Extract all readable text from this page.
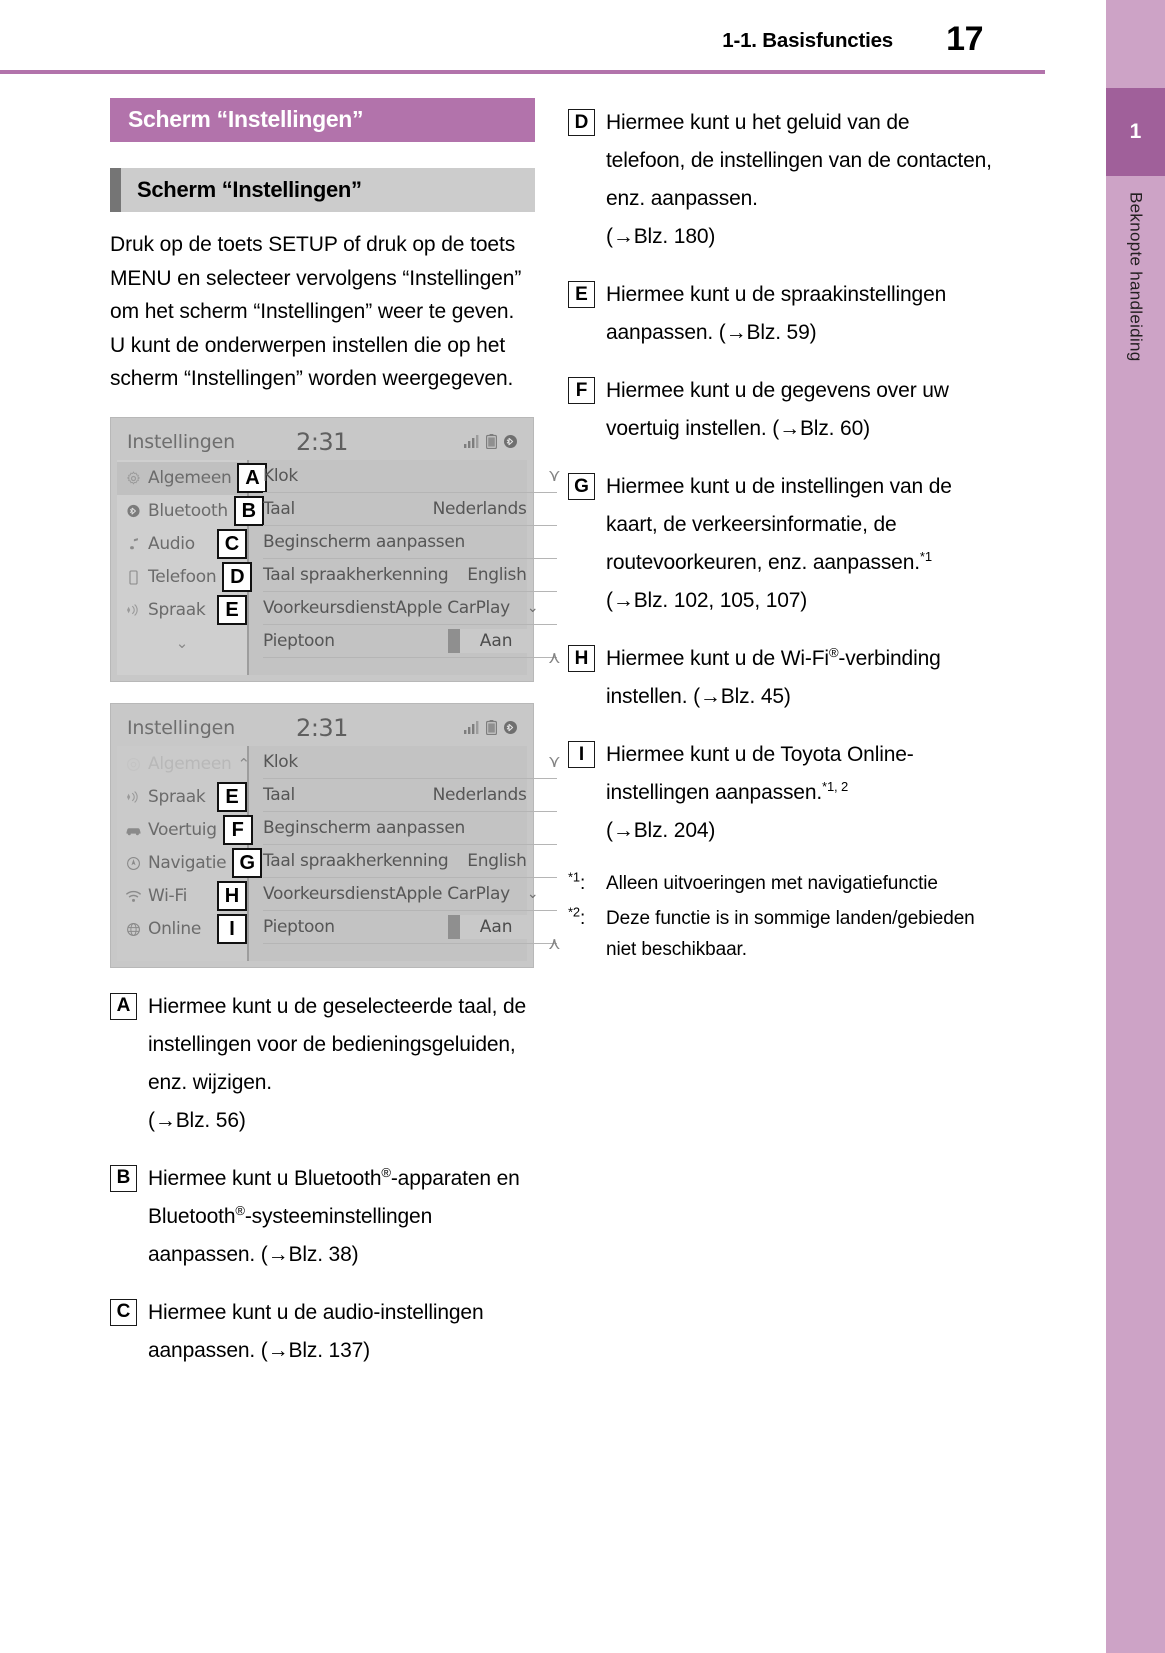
1-1. Basisfuncties 17
1
Beknopte handleiding
Scherm “Instellingen”
Scherm “Instellingen”
Druk op de toets SETUP of druk op de toets MENU en selecteer vervolgens “Instellingen” om het scherm “Instellingen” weer te geven. U kunt de onderwerpen instellen die op het scherm “Instellingen” worden weergegeven.
Instellingen	2:31
Algemeen A
Bluetooth B
Audio	C
Telefoon D
Spraak E
⌄
Klok
Taal	Nederlands
Beginscherm aanpassen
Taal spraakherkenning English
Voorkeursdienst Apple CarPlay ⌄
Pieptoon	Aan
⋎
⋏
Instellingen	2:31
Algemeen ⌃
Spraak E
Voertuig F
Navigatie G
Wi-Fi	H
Online	I
Klok
Taal	Nederlands
Beginscherm aanpassen
Taal spraakherkenning English
Voorkeursdienst Apple CarPlay ⌄
Pieptoon	Aan
⋎
⋏
A Hiermee kunt u de geselecteerde taal, de instellingen voor de bedieningsgeluiden, enz. wijzigen.
(→Blz. 56)
B Hiermee kunt u Bluetooth®-apparaten en Bluetooth®-systeeminstellingen aanpassen. (→Blz. 38)
C Hiermee kunt u de audio-instellingen aanpassen. (→Blz. 137)
D Hiermee kunt u het geluid van de telefoon, de instellingen van de contacten, enz. aanpassen.
(→Blz. 180)
E Hiermee kunt u de spraakinstellingen aanpassen. (→Blz. 59)
F Hiermee kunt u de gegevens over uw voertuig instellen. (→Blz. 60)
G Hiermee kunt u de instellingen van de kaart, de verkeersinformatie, de routevoorkeuren, enz. aanpassen.$^{*1}$
(→Blz. 102, 105, 107)
H Hiermee kunt u de Wi-Fi®-verbinding instellen. (→Blz. 45)
I	Hiermee kunt u de Toyota Online-instellingen aanpassen.$^{*1, 2}$
(→Blz. 204)
$^{*1}$:	Alleen uitvoeringen met navigatiefunctie
$^{*2}$:	Deze functie is in sommige landen/gebieden niet beschikbaar.
